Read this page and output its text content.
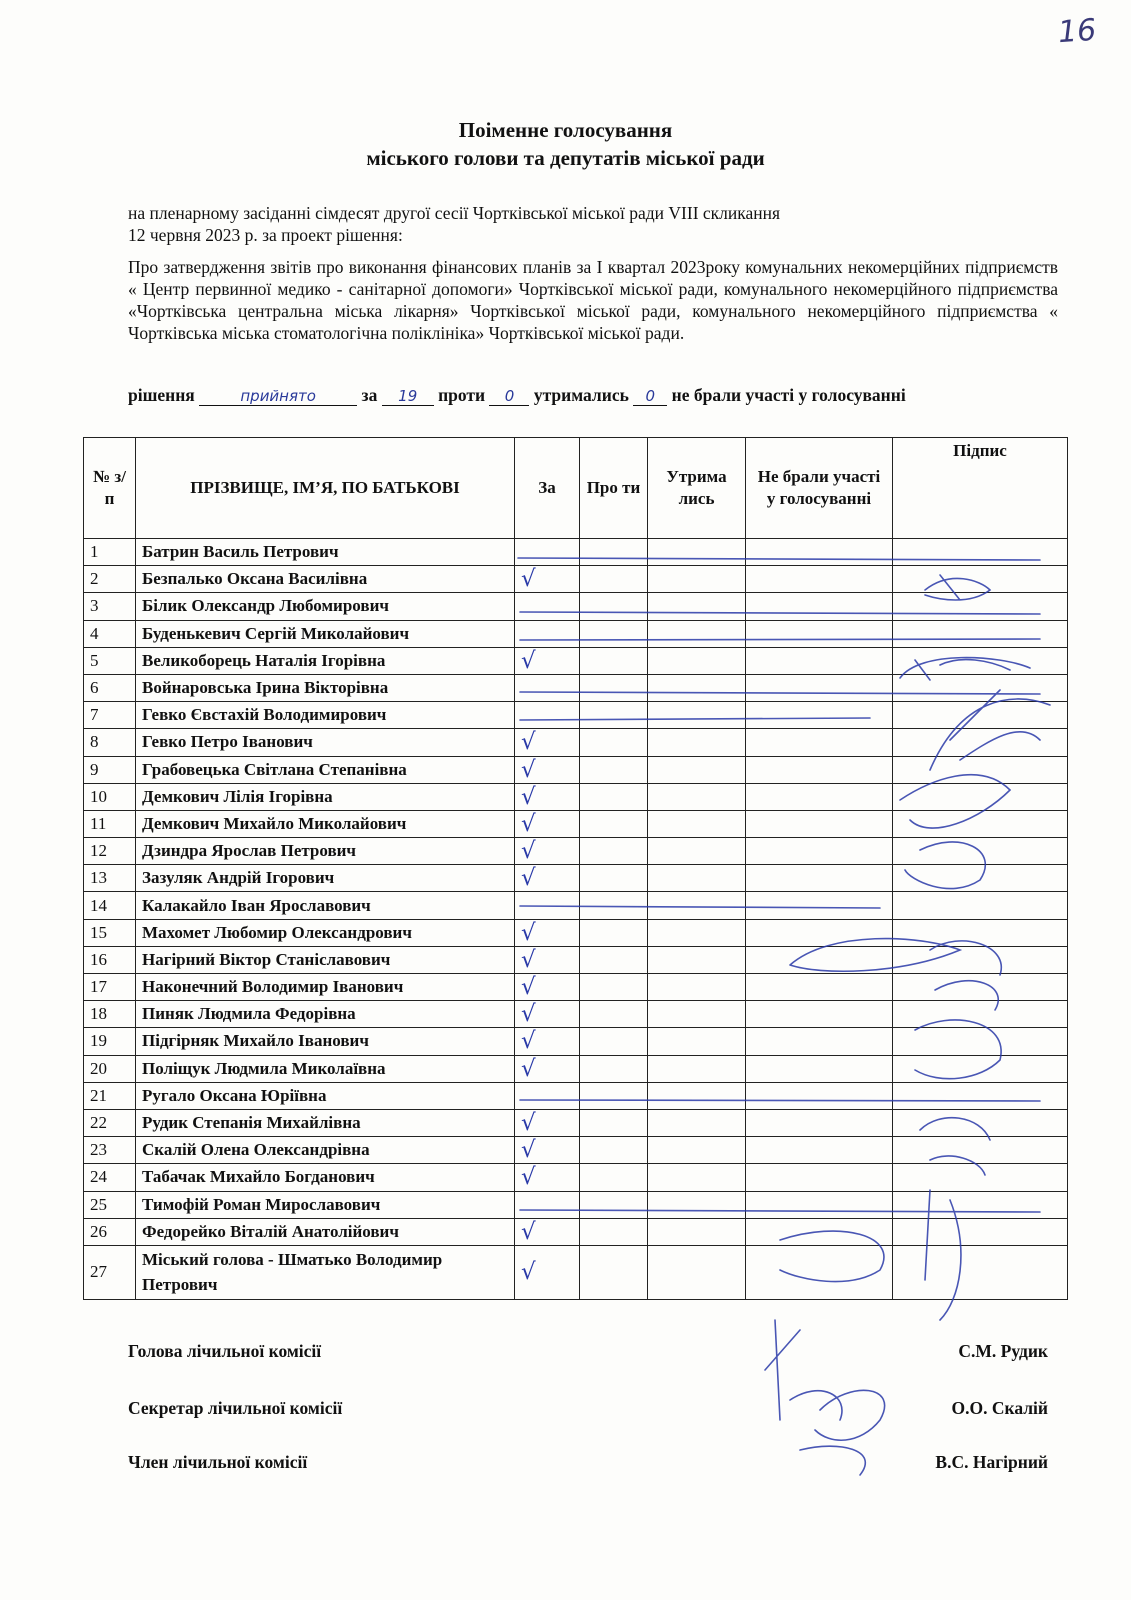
16
Поіменне голосування
міського голови та депутатів міської ради
на пленарному засіданні сімдесят другої сесії Чортківської міської ради VIII скликання
12 червня 2023 р. за проект рішення:
Про затвердження звітів про виконання фінансових планів за І квартал 2023року комунальних некомерційних підприємств « Центр первинної медико - санітарної допомоги» Чортківської міської ради, комунального некомерційного підприємства «Чортківська центральна міська лікарня» Чортківської міської ради, комунального некомерційного підприємства « Чортківська міська стоматологічна поліклініка» Чортківської міської ради.
рішення	прийнято	за 19 проти 0 утримались 0 не брали участі у голосуванні
№ з/п	ПРІЗВИЩЕ, ІМ’Я, ПО БАТЬКОВІ	За	Про ти	Утрима лись	Не брали участі у голосуванні	Підпис
1	Батрин Василь Петрович					
2	Безпалько Оксана Василівна	√				
3	Білик Олександр Любомирович					
4	Буденькевич Сергій Миколайович					
5	Великоборець Наталія Ігорівна	√				
6	Войнаровська Ірина Вікторівна					
7	Гевко Євстахій Володимирович					
8	Гевко Петро Іванович	√				
9	Грабовецька Світлана Степанівна	√				
10	Демкович Лілія Ігорівна	√				
11	Демкович Михайло Миколайович	√				
12	Дзиндра Ярослав Петрович	√				
13	Зазуляк Андрій Ігорович	√				
14	Калакайло Іван Ярославович					
15	Махомет Любомир Олександрович	√				
16	Нагірний Віктор Станіславович	√				
17	Наконечний Володимир Іванович	√				
18	Пиняк Людмила Федорівна	√				
19	Підгірняк Михайло Іванович	√				
20	Поліщук Людмила Миколаївна	√				
21	Ругало Оксана Юріївна					
22	Рудик Степанія Михайлівна	√				
23	Скалій Олена Олександрівна	√				
24	Табачак Михайло Богданович	√				
25	Тимофій Роман Мирославович					
26	Федорейко Віталій Анатолійович	√				
27	Міський голова - Шматько Володимир Петрович	√				
Голова лічильної комісії	С.М. Рудик
Секретар лічильної комісії	О.О. Скалій
Член лічильної комісії	В.С. Нагірний
